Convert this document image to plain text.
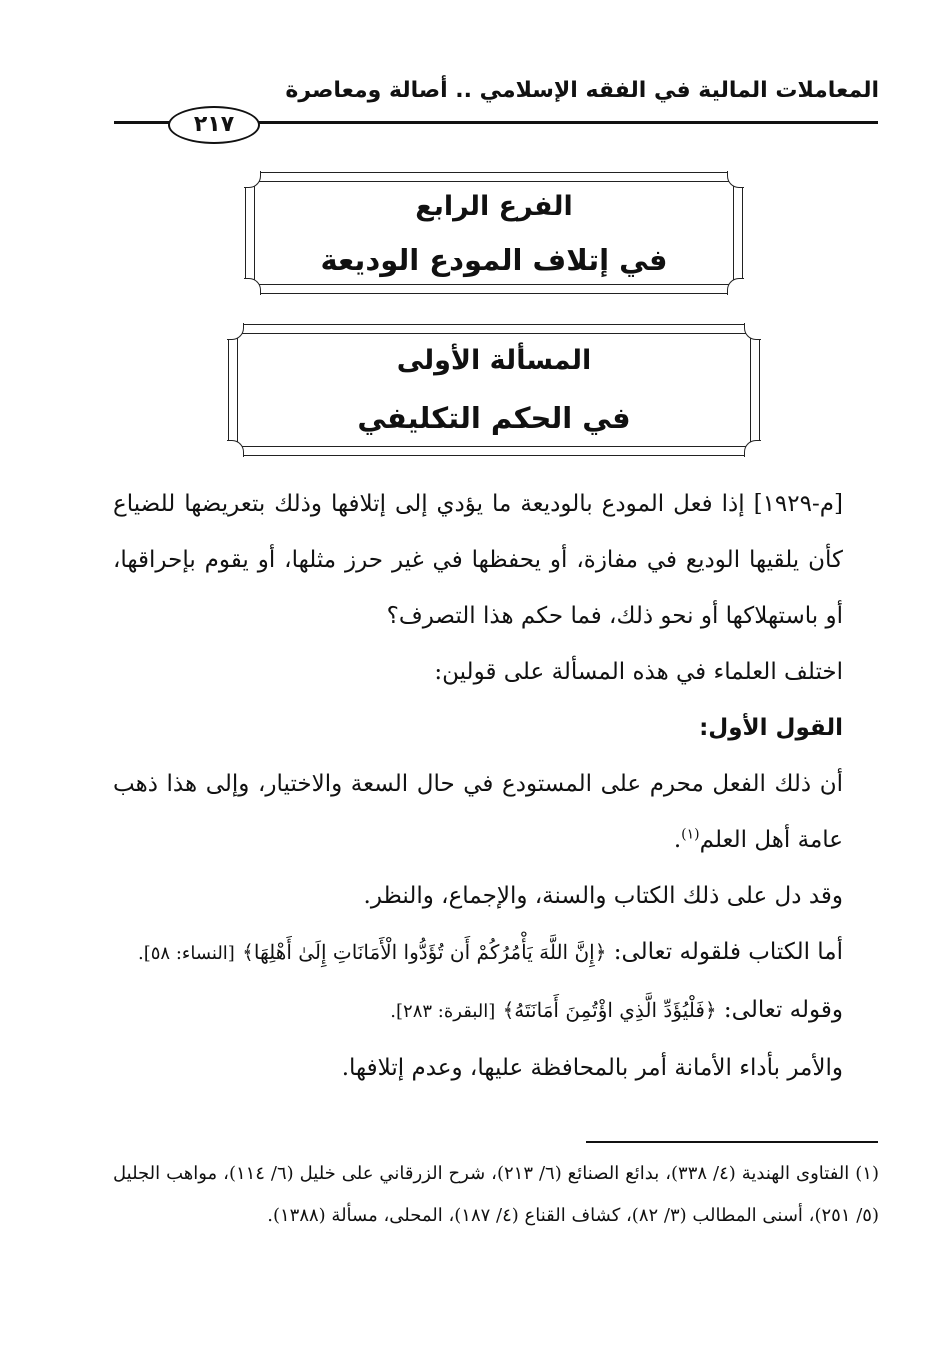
المعاملات المالية في الفقه الإسلامي .. أصالة ومعاصرة
٢١٧
الفرع الرابع
في إتلاف المودع الوديعة
المسألة الأولى
في الحكم التكليفي

[م-١٩٢٩] إذا فعل المودع بالوديعة ما يؤدي إلى إتلافها وذلك بتعريضها للضياع كأن يلقيها الوديع في مفازة، أو يحفظها في غير حرز مثلها، أو يقوم بإحراقها، أو باستهلاكها أو نحو ذلك، فما حكم هذا التصرف؟

اختلف العلماء في هذه المسألة على قولين:

القول الأول:

أن ذلك الفعل محرم على المستودع في حال السعة والاختيار، وإلى هذا ذهب عامة أهل العلم$^{(١)}$.

وقد دل على ذلك الكتاب والسنة، والإجماع، والنظر.

أما الكتاب فلقوله تعالى: ﴿إِنَّ اللَّهَ يَأْمُرُكُمْ أَن تُؤَدُّوا الْأَمَانَاتِ إِلَىٰ أَهْلِهَا﴾ [النساء: ٥٨].

وقوله تعالى: ﴿فَلْيُؤَدِّ الَّذِي اؤْتُمِنَ أَمَانَتَهُ﴾ [البقرة: ٢٨٣].

والأمر بأداء الأمانة أمر بالمحافظة عليها، وعدم إتلافها.

(١) الفتاوى الهندية (٤/ ٣٣٨)، بدائع الصنائع (٦/ ٢١٣)، شرح الزرقاني على خليل (٦/ ١١٤)، مواهب الجليل (٥/ ٢٥١)، أسنى المطالب (٣/ ٨٢)، كشاف القناع (٤/ ١٨٧)، المحلى، مسألة (١٣٨٨).
